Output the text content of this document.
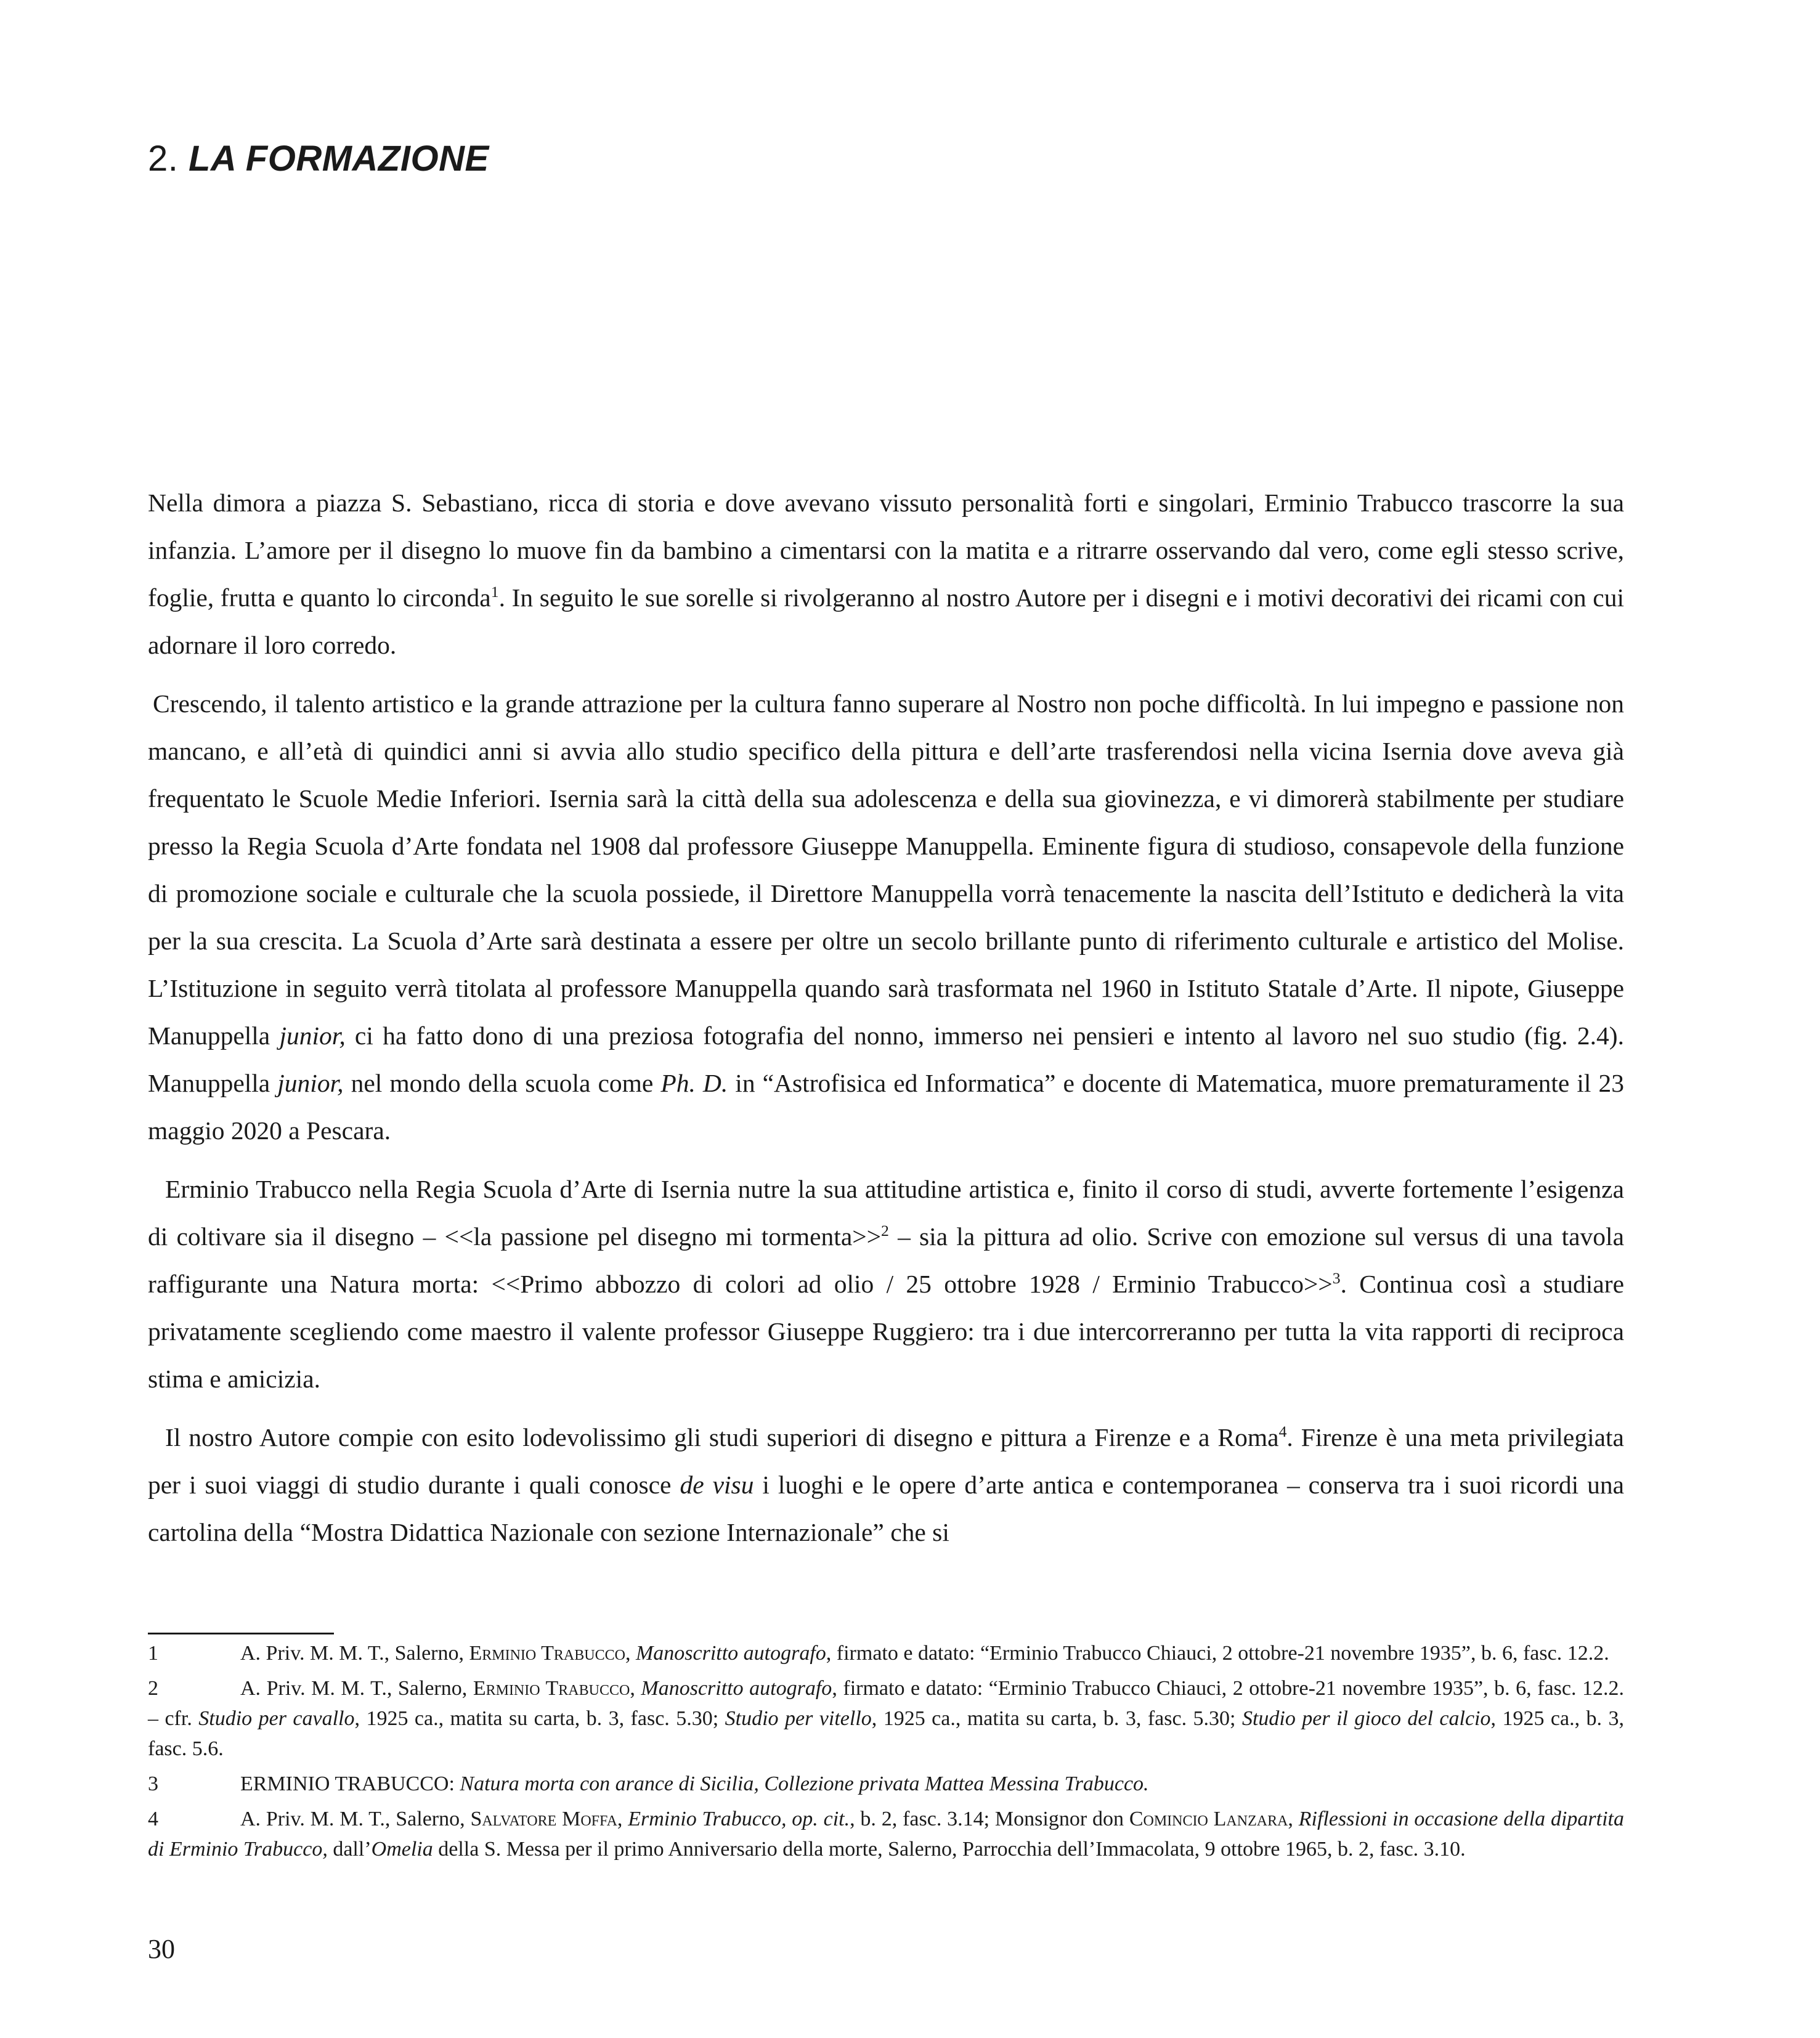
2. LA FORMAZIONE

Nella dimora a piazza S. Sebastiano, ricca di storia e dove avevano vissuto personalità forti e singolari, Erminio Trabucco trascorre la sua infanzia. L’amore per il disegno lo muove fin da bambino a cimentarsi con la matita e a ritrarre osservando dal vero, come egli stesso scrive, foglie, frutta e quanto lo circonda$^1$. In seguito le sue sorelle si rivolgeranno al nostro Autore per i disegni e i motivi decorativi dei ricami con cui adornare il loro corredo.

Crescendo, il talento artistico e la grande attrazione per la cultura fanno superare al Nostro non poche difficoltà. In lui impegno e passione non mancano, e all’età di quindici anni si avvia allo studio specifico della pittura e dell’arte trasferendosi nella vicina Isernia dove aveva già frequentato le Scuole Medie Inferiori. Isernia sarà la città della sua adolescenza e della sua giovinezza, e vi dimorerà stabilmente per studiare presso la Regia Scuola d’Arte fondata nel 1908 dal professore Giuseppe Manuppella. Eminente figura di studioso, consapevole della funzione di promozione sociale e culturale che la scuola possiede, il Direttore Manuppella vorrà tenacemente la nascita dell’Istituto e dedicherà la vita per la sua crescita. La Scuola d’Arte sarà destinata a essere per oltre un secolo brillante punto di riferimento culturale e artistico del Molise. L’Istituzione in seguito verrà titolata al professore Manuppella quando sarà trasformata nel 1960 in Istituto Statale d’Arte. Il nipote, Giuseppe Manuppella junior, ci ha fatto dono di una preziosa fotografia del nonno, immerso nei pensieri e intento al lavoro nel suo studio (fig. 2.4). Manuppella junior, nel mondo della scuola come Ph. D. in “Astrofisica ed Informatica” e docente di Matematica, muore prematuramente il 23 maggio 2020 a Pescara.

Erminio Trabucco nella Regia Scuola d’Arte di Isernia nutre la sua attitudine artistica e, finito il corso di studi, avverte fortemente l’esigenza di coltivare sia il disegno – <<la passione pel disegno mi tormenta>>$^2$ – sia la pittura ad olio. Scrive con emozione sul versus di una tavola raffigurante una Natura morta: <<Primo abbozzo di colori ad olio / 25 ottobre 1928 / Erminio Trabucco>>$^3$. Continua così a studiare privatamente scegliendo come maestro il valente professor Giuseppe Ruggiero: tra i due intercorreranno per tutta la vita rapporti di reciproca stima e amicizia.

Il nostro Autore compie con esito lodevolissimo gli studi superiori di disegno e pittura a Firenze e a Roma$^4$. Firenze è una meta privilegiata per i suoi viaggi di studio durante i quali conosce de visu i luoghi e le opere d’arte antica e contemporanea – conserva tra i suoi ricordi una cartolina della “Mostra Didattica Nazionale con sezione Internazionale” che si

1	A. Priv. M. M. T., Salerno, Erminio Trabucco, Manoscritto autografo, firmato e datato: “Erminio Trabucco Chiauci, 2 ottobre-21 novembre 1935”, b. 6, fasc. 12.2.

2	A. Priv. M. M. T., Salerno, Erminio Trabucco, Manoscritto autografo, firmato e datato: “Erminio Trabucco Chiauci, 2 ottobre-21 novembre 1935”, b. 6, fasc. 12.2. – cfr. Studio per cavallo, 1925 ca., matita su carta, b. 3, fasc. 5.30; Studio per vitello, 1925 ca., matita su carta, b. 3, fasc. 5.30; Studio per il gioco del calcio, 1925 ca., b. 3, fasc. 5.6.

3	ERMINIO TRABUCCO: Natura morta con arance di Sicilia, Collezione privata Mattea Messina Trabucco.

4	A. Priv. M. M. T., Salerno, Salvatore Moffa, Erminio Trabucco, op. cit., b. 2, fasc. 3.14; Monsignor don Comincio Lanzara, Riflessioni in occasione della dipartita di Erminio Trabucco, dall’Omelia della S. Messa per il primo Anniversario della morte, Salerno, Parrocchia dell’Immacolata, 9 ottobre 1965, b. 2, fasc. 3.10.

30
